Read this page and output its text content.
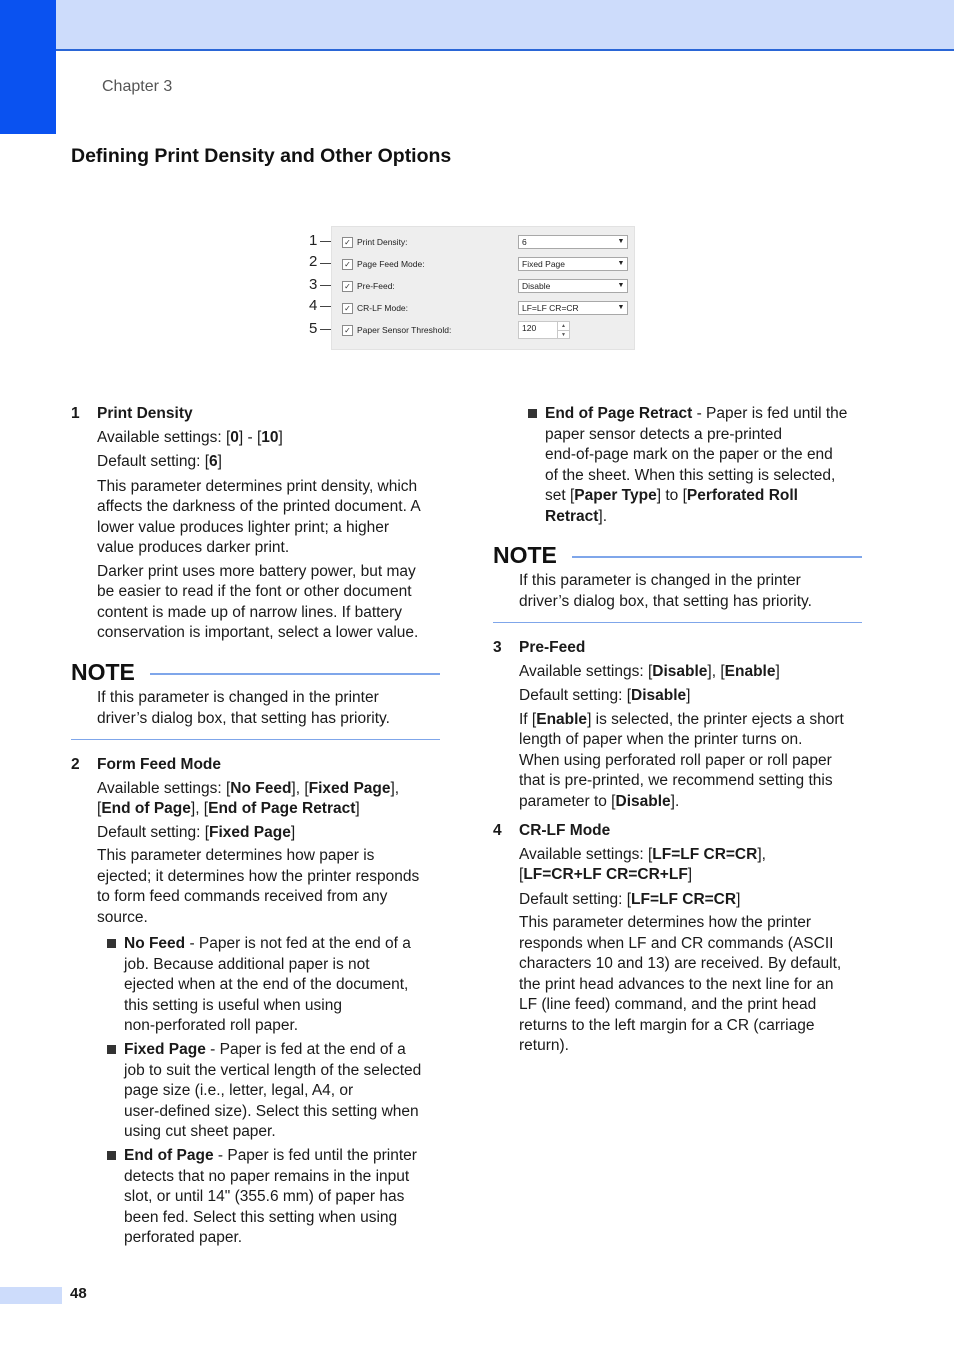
Chapter 3
Defining Print Density and Other Options
1
2
3
4
5
✓ Print Density:	6	▼
✓ Page Feed Mode:	Fixed Page	▼
✓ Pre-Feed:	Disable	▼
✓ CR-LF Mode:	LF=LF CR=CR	▼
✓ Paper Sensor Threshold:	120	▲
▼
1 Print Density

Available settings: [0] - [10]

Default setting: [6]

This parameter determines print density, which
affects the darkness of the printed document. A
lower value produces lighter print; a higher
value produces darker print.

Darker print uses more battery power, but may
be easier to read if the font or other document
content is made up of narrow lines. If battery
conservation is important, select a lower value.

NOTE
If this parameter is changed in the printer
driver’s dialog box, that setting has priority.
2 Form Feed Mode

Available settings: [No Feed], [Fixed Page],
[End of Page], [End of Page Retract]

Default setting: [Fixed Page]

This parameter determines how paper is
ejected; it determines how the printer responds
to form feed commands received from any
source.

No Feed - Paper is not fed at the end of a
job. Because additional paper is not
ejected when at the end of the document,
this setting is useful when using
non-perforated roll paper.
Fixed Page - Paper is fed at the end of a
job to suit the vertical length of the selected
page size (i.e., letter, legal, A4, or
user-defined size). Select this setting when
using cut sheet paper.
End of Page - Paper is fed until the printer
detects that no paper remains in the input
slot, or until 14" (355.6 mm) of paper has
been fed. Select this setting when using
perforated paper.
End of Page Retract - Paper is fed until the
paper sensor detects a pre-printed
end-of-page mark on the paper or the end
of the sheet. When this setting is selected,
set [Paper Type] to [Perforated Roll
Retract].
NOTE
If this parameter is changed in the printer
driver’s dialog box, that setting has priority.
3 Pre-Feed

Available settings: [Disable], [Enable]

Default setting: [Disable]

If [Enable] is selected, the printer ejects a short
length of paper when the printer turns on.
When using perforated roll paper or roll paper
that is pre-printed, we recommend setting this
parameter to [Disable].

4 CR-LF Mode

Available settings: [LF=LF CR=CR],
[LF=CR+LF CR=CR+LF]

Default setting: [LF=LF CR=CR]

This parameter determines how the printer
responds when LF and CR commands (ASCII
characters 10 and 13) are received. By default,
the print head advances to the next line for an
LF (line feed) command, and the print head
returns to the left margin for a CR (carriage
return).

48
